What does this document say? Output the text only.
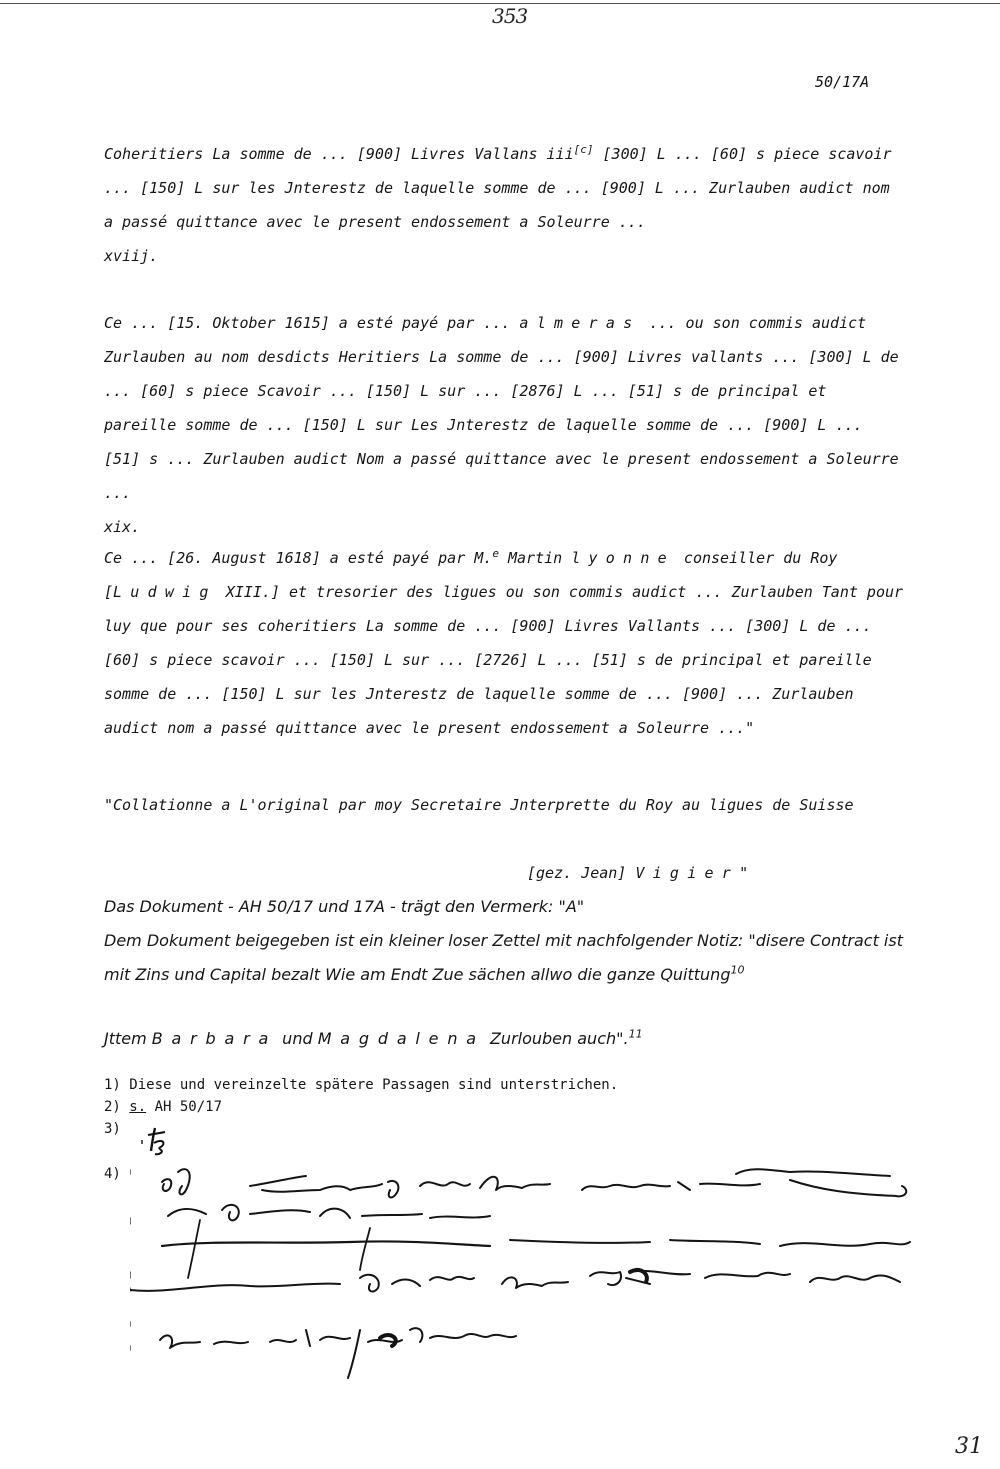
353
50/17A

Coheritiers La somme de ... [900] Livres Vallans iii[c] [300] L ... [60] s piece scavoir ... [150] L sur les Jnterestz de laquelle somme de ... [900] L ... Zurlauben audict nom a passé quittance avec le present endossement a Soleurre ...
xviij.

Ce ... [15. Oktober 1615] a esté payé par ... almeras ... ou son commis audict Zurlauben au nom desdicts Heritiers La somme de ... [900] Livres vallants ... [300] L de ... [60] s piece Scavoir ... [150] L sur ... [2876] L ... [51] s de principal et pareille somme de ... [150] L sur Les Jnterestz de laquelle somme de ... [900] L ... [51] s ... Zurlauben audict Nom a passé quittance avec le present endossement a Soleurre ...
xix.

Ce ... [26. August 1618] a esté payé par M.$^e$ Martin lyonne conseiller du Roy [Ludwig XIII.] et tresorier des ligues ou son commis audict ... Zurlauben Tant pour luy que pour ses coheritiers La somme de ... [900] Livres Vallants ... [300] L de ... [60] s piece scavoir ... [150] L sur ... [2726] L ... [51] s de principal et pareille somme de ... [150] L sur les Jnterestz de laquelle somme de ... [900] ... Zurlauben audict nom a passé quittance avec le present endossement a Soleurre ..."

"Collationne a L'original par moy Secretaire Jnterprette du Roy au ligues de Suisse

[gez. Jean] Vigier"

Das Dokument - AH 50/17 und 17A - trägt den Vermerk: "A"

Dem Dokument beigegeben ist ein kleiner loser Zettel mit nachfolgender Notiz: "disere Contract ist mit Zins und Capital bezalt Wie am Endt Zue sächen allwo die ganze Quittung$^{10}$

Jttem Barbara und Magdalena Zurlouben auch".$^{11}$

1) Diese und vereinzelte spätere Passagen sind unterstrichen.

2) s. AH 50/17

3)

4)

31
